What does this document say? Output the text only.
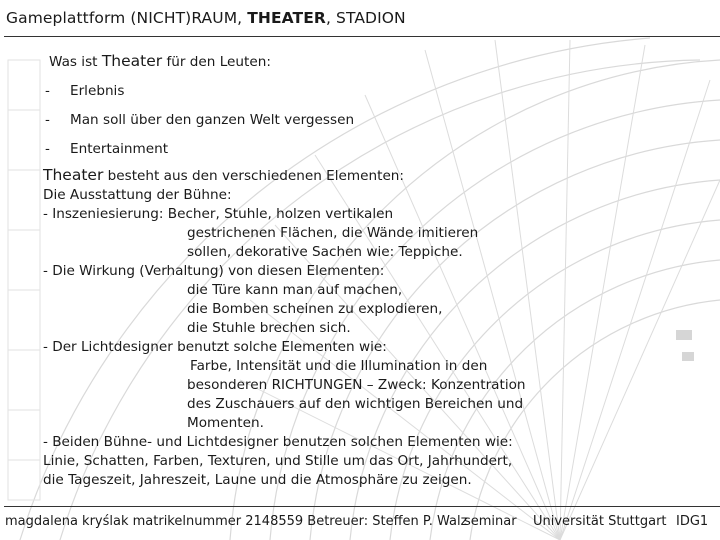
Gameplattform (NICHT)RAUM, THEATER, STADION
Was ist Theater für den Leuten:
- Erlebnis
- Man soll über den ganzen Welt vergessen
- Entertainment
Theater besteht aus den verschiedenen Elementen:
Die Ausstattung der Bühne:
- Inszeniesierung: Becher, Stuhle, holzen vertikalen
gestrichenen Flächen, die Wände imitieren
sollen, dekorative Sachen wie: Teppiche.
- Die Wirkung (Verhaltung) von diesen Elementen:
die Türe kann man auf machen,
die Bomben scheinen zu explodieren,
die Stuhle brechen sich.
- Der Lichtdesigner benutzt solche Elementen wie:
Farbe, Intensität und die Illumination in den
besonderen RICHTUNGEN – Zweck: Konzentration
des Zuschauers auf den wichtigen Bereichen und
Momenten.
- Beiden Bühne- und Lichtdesigner benutzen solchen Elementen wie:
Linie, Schatten, Farben, Texturen, und Stille um das Ort, Jahrhundert,
die Tageszeit, Jahreszeit, Laune und die Atmosphäre zu zeigen.
magdalena kryślak matrikelnummer 2148559 Betreuer: Steffen P. Walz
seminar Universität Stuttgart IDG1
